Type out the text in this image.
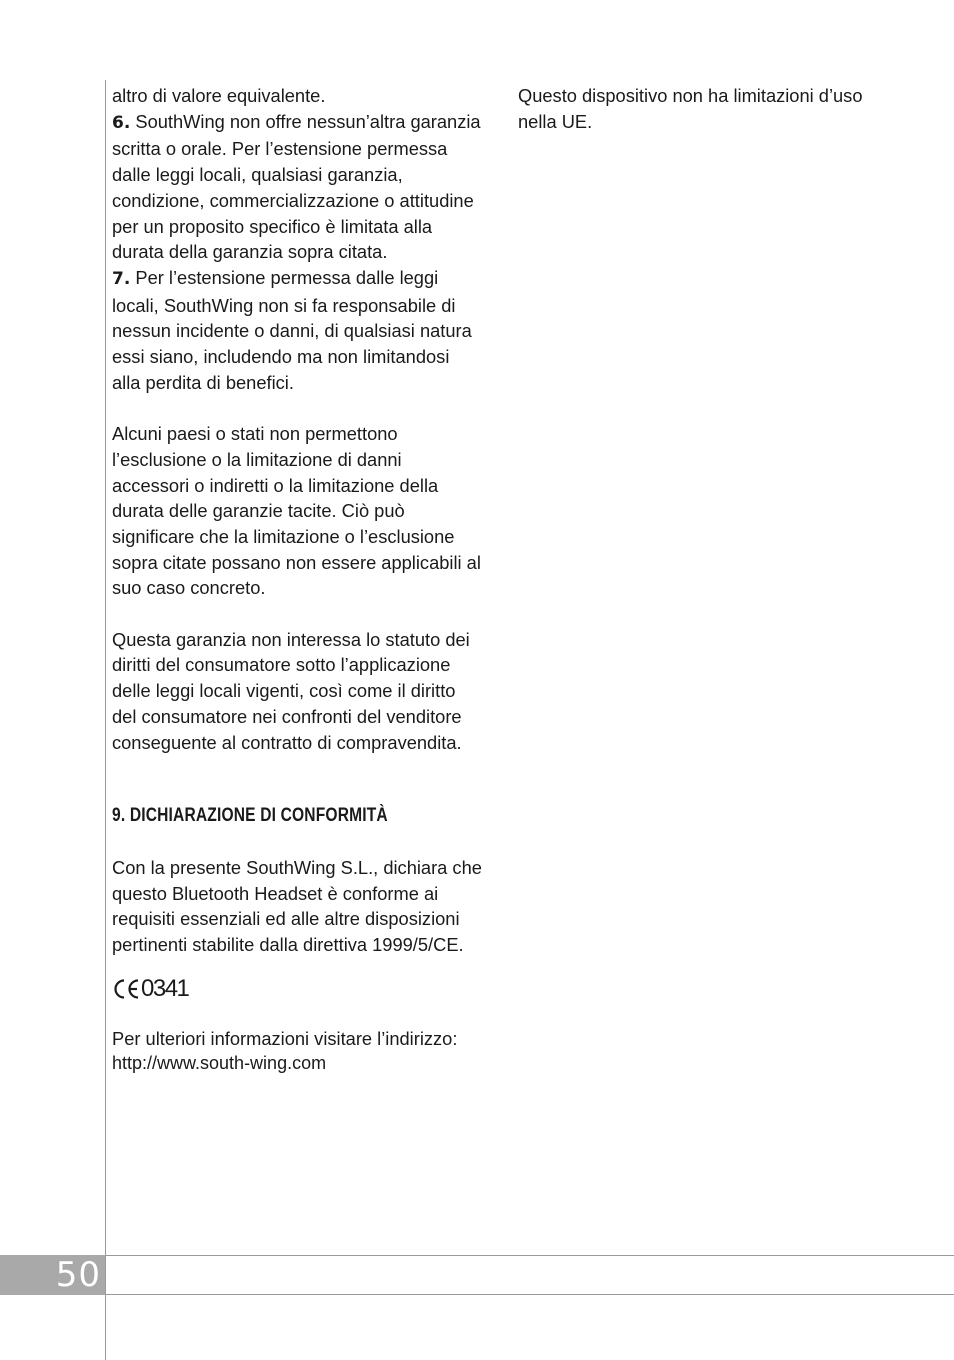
50

altro di valore equivalente.

6. SouthWing non offre nessun’altra garanzia scritta o orale. Per l’estensione permessa dalle leggi locali, qualsiasi garanzia, condizione, commercializzazione o attitudine per un proposito specifico è limitata alla durata della garanzia sopra citata.

7. Per l’estensione permessa dalle leggi locali, SouthWing non si fa responsabile di nessun incidente o danni, di qualsiasi natura essi siano, includendo ma non limitandosi alla perdita di benefici.

Alcuni paesi o stati non permettono l’esclusione o la limitazione di danni accessori o indiretti o la limitazione della durata delle garanzie tacite. Ciò può significare che la limitazione o l’esclusione sopra citate possano non essere applicabili al suo caso concreto.

Questa garanzia non interessa lo statuto dei diritti del consumatore sotto l’applicazione delle leggi locali vigenti, così come il diritto del consumatore nei confronti del venditore conseguente al contratto di compravendita.

9. DICHIARAZIONE DI CONFORMITÀ

Con la presente SouthWing S.L., dichiara che questo Bluetooth Headset è conforme ai requisiti essenziali ed alle altre disposizioni pertinenti stabilite dalla direttiva 1999/5/CE.

0341

Per ulteriori informazioni visitare l’indirizzo:

http://www.south-wing.com

Questo dispositivo non ha limitazioni d’uso nella UE.
